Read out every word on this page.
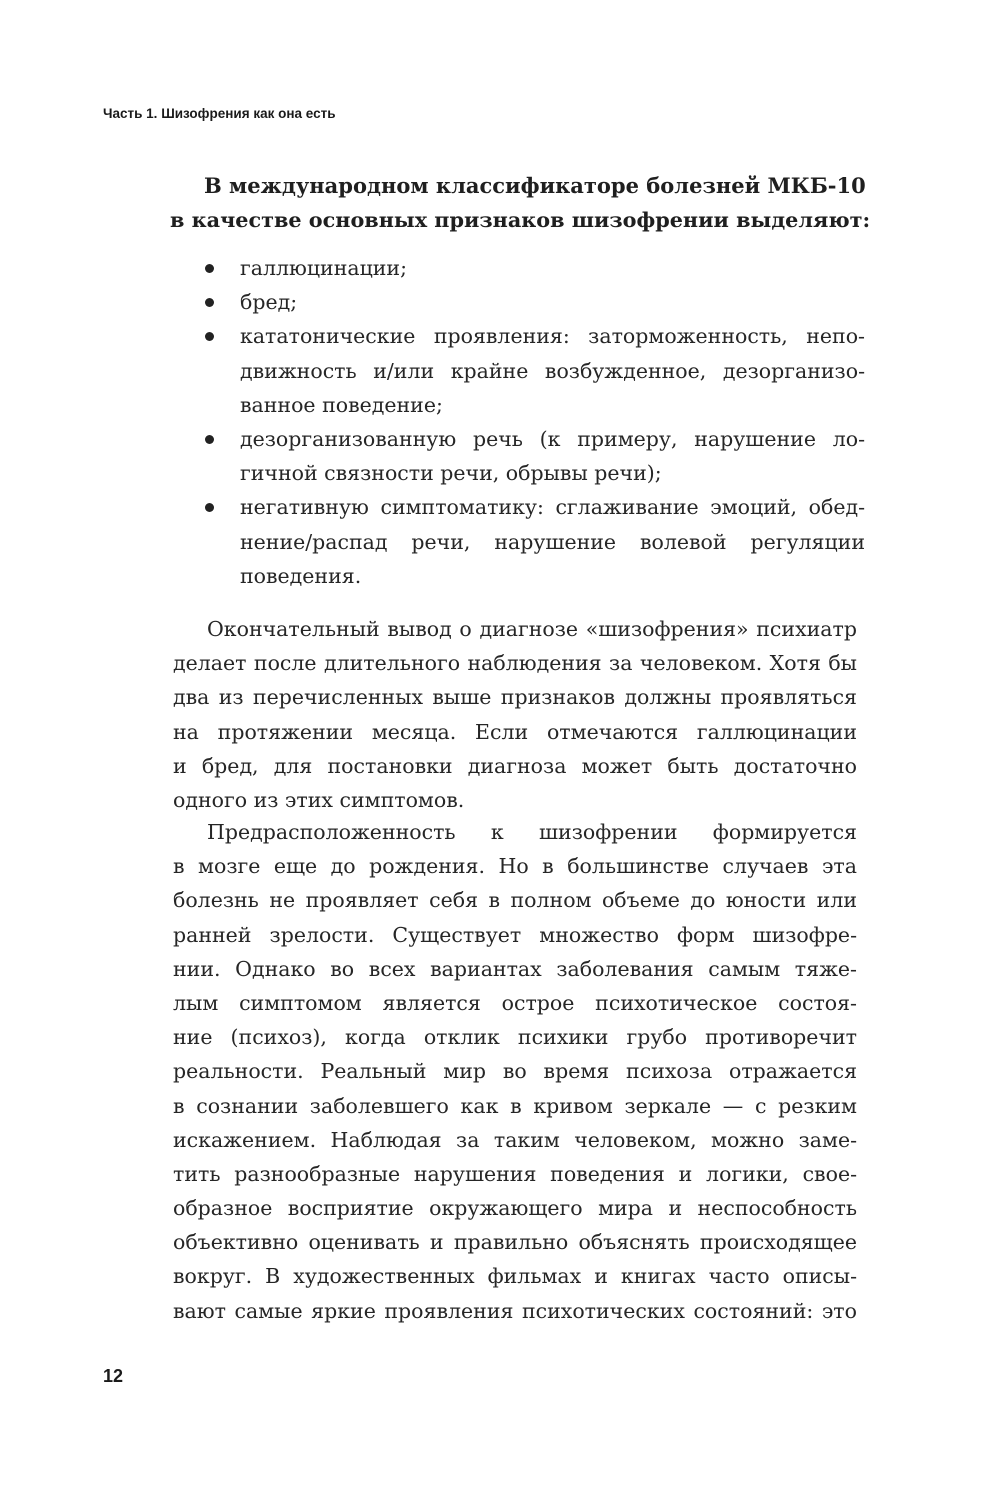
Часть 1. Шизофрения как она есть
В международном классификаторе болезней МКБ-10
в качестве основных признаков шизофрении выделяют:
галлюцинации;
бред;
кататонические проявления: заторможенность, непо-
движность и/или крайне возбужденное, дезорганизо-
ванное поведение;
дезорганизованную речь (к примеру, нарушение ло-
гичной связности речи, обрывы речи);
негативную симптоматику: сглаживание эмоций, обед-
нение/распад речи, нарушение волевой регуляции
поведения.
Окончательный вывод о диагнозе «шизофрения» психиатр
делает после длительного наблюдения за человеком. Хотя бы
два из перечисленных выше признаков должны проявляться
на протяжении месяца. Если отмечаются галлюцинации
и бред, для постановки диагноза может быть достаточно
одного из этих симптомов.
Предрасположенность к шизофрении формируется
в мозге еще до рождения. Но в большинстве случаев эта
болезнь не проявляет себя в полном объеме до юности или
ранней зрелости. Существует множество форм шизофре-
нии. Однако во всех вариантах заболевания самым тяже-
лым симптомом является острое психотическое состоя-
ние (психоз), когда отклик психики грубо противоречит
реальности. Реальный мир во время психоза отражается
в сознании заболевшего как в кривом зеркале — с резким
искажением. Наблюдая за таким человеком, можно заме-
тить разнообразные нарушения поведения и логики, свое-
образное восприятие окружающего мира и неспособность
объективно оценивать и правильно объяснять происходящее
вокруг. В художественных фильмах и книгах часто описы-
вают самые яркие проявления психотических состояний: это
12
